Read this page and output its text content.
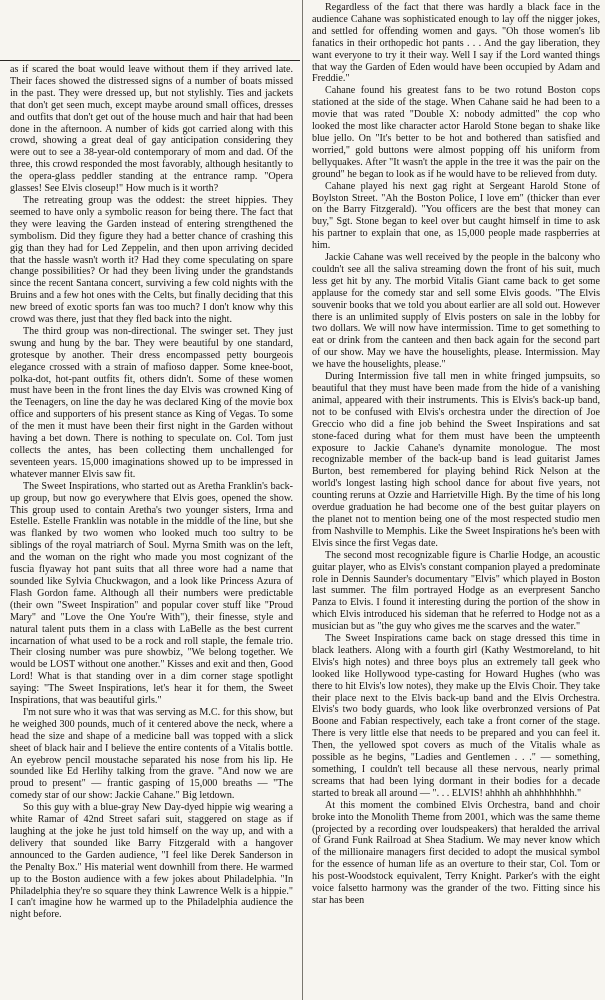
as if scared the boat would leave without them if they arrived late. Their faces showed the distressed signs of a number of boats missed in the past. They were dressed up, but not stylishly. Ties and jackets that don't get seen much, except maybe around small offices, dresses and outfits that don't get out of the house much and hair that had been done in the afternoon. A number of kids got carried along with this crowd, showing a great deal of gay anticipation considering they were out to see a 38-year-old contemporary of mom and dad. Of the three, this crowd responded the most favorably, although hesitantly to the opera-glass peddler standing at the entrance ramp. "Opera glasses! See Elvis closeup!" How much is it worth?

The retreating group was the oddest: the street hippies. They seemed to have only a symbolic reason for being there. The fact that they were leaving the Garden instead of entering strengthened the symbolism. Did they figure they had a better chance of crashing this gig than they had for Led Zeppelin, and then upon arriving decided that the hassle wasn't worth it? Had they come speculating on spare change possibilities? Or had they been living under the grandstands since the recent Santana concert, surviving a few cold nights with the Bruins and a few hot ones with the Celts, but finally deciding that this new breed of exotic sports fan was too much? I don't know why this crowd was there, just that they fled back into the night.

The third group was non-directional. The swinger set. They just swung and hung by the bar. They were beautiful by one standard, grotesque by another. Their dress encompassed petty bourgeois elegance crossed with a strain of mafioso dapper. Some knee-boot, polka-dot, hot-pant outfits fit, others didn't. Some of these women must have been in the front lines the day Elvis was crowned King of the Teenagers, on line the day he was declared King of the movie box office and supporters of his present stance as King of Vegas. To some of the men it must have been their first night in the Garden without having a bet down. There is nothing to speculate on. Col. Tom just collects the antes, has been collecting them unchallenged for seventeen years. 15,000 imaginations showed up to be impressed in whatever manner Elvis saw fit.

The Sweet Inspirations, who started out as Aretha Franklin's back-up group, but now go everywhere that Elvis goes, opened the show. This group used to contain Aretha's two younger sisters, Irma and Estelle. Estelle Franklin was notable in the middle of the line, but she was flanked by two women who looked much too sultry to be siblings of the royal matriarch of Soul. Myrna Smith was on the left, and the woman on the right who made you most cognizant of the fuscia flyaway hot pant suits that all three wore had a name that sounded like Sylvia Chuckwagon, and a look like Princess Azura of Flash Gordon fame. Although all their numbers were predictable (their own "Sweet Inspiration" and popular cover stuff like "Proud Mary" and "Love the One You're With"), their finesse, style and natural talent puts them in a class with LaBelle as the best current incarnation of what used to be a rock and roll staple, the female trio. Their closing number was pure showbiz, "We belong together. We would be LOST without one another." Kisses and exit and then, Good Lord! What is that standing over in a dim corner stage spotlight saying: "The Sweet Inspirations, let's hear it for them, the Sweet Inspirations, that was beautiful girls."

I'm not sure who it was that was serving as M.C. for this show, but he weighed 300 pounds, much of it centered above the neck, where a head the size and shape of a medicine ball was topped with a slick sheet of black hair and I believe the entire contents of a Vitalis bottle. An eyebrow pencil moustache separated his nose from his lip. He sounded like Ed Herlihy talking from the grave. "And now we are proud to present" — frantic gasping of 15,000 breaths — "The comedy star of our show: Jackie Cahane." Big letdown.

So this guy with a blue-gray New Day-dyed hippie wig wearing a white Ramar of 42nd Street safari suit, staggered on stage as if laughing at the joke he just told himself on the way up, and with a delivery that sounded like Barry Fitzgerald with a hangover announced to the Garden audience, "I feel like Derek Sanderson in the Penalty Box." His material went downhill from there. He warmed up to the Boston audience with a few jokes about Philadelphia. "In Philadelphia they're so square they think Lawrence Welk is a hippie." I can't imagine how he warmed up to the Philadelphia audience the night before.

Regardless of the fact that there was hardly a black face in the audience Cahane was sophisticated enough to lay off the nigger jokes, and settled for offending women and gays. "Oh those women's lib fanatics in their orthopedic hot pants . . . And the gay liberation, they want everyone to try it their way. Well I say if the Lord wanted things that way the Garden of Eden would have been occupied by Adam and Freddie."

Cahane found his greatest fans to be two rotund Boston cops stationed at the side of the stage. When Cahane said he had been to a movie that was rated "Double X: nobody admitted" the cop who looked the most like character actor Harold Stone began to shake like blue jello. On "It's better to be hot and bothered than satisfied and worried," gold buttons were almost popping off his uniform from bellyquakes. After "It wasn't the apple in the tree it was the pair on the ground" he began to look as if he would have to be relieved from duty.

Cahane played his next gag right at Sergeant Harold Stone of Boylston Street. "Ah the Boston Police, I love em" (thicker than ever on the Barry Fitzgerald). "You officers are the best that money can buy," Sgt. Stone began to keel over but caught himself in time to ask his partner to explain that one, as 15,000 people made raspberries at him.

Jackie Cahane was well received by the people in the balcony who couldn't see all the saliva streaming down the front of his suit, much less get hit by any. The morbid Vitalis Giant came back to get some applause for the comedy star and sell some Elvis goods. "The Elvis souvenir books that we told you about earlier are all sold out. However there is an unlimited supply of Elvis posters on sale in the lobby for two dollars. We will now have intermission. Time to get something to eat or drink from the canteen and then back again for the second part of our show. May we have the houselights, please. Intermission. May we have the houselights, please."

During Intermission five tall men in white fringed jumpsuits, so beautiful that they must have been made from the hide of a vanishing animal, appeared with their instruments. This is Elvis's back-up band, not to be confused with Elvis's orchestra under the direction of Joe Greccio who did a fine job behind the Sweet Inspirations and sat stone-faced during what for them must have been the umpteenth exposure to Jackie Cahane's dynamite monologue. The most recognizable member of the back-up band is lead guitarist James Burton, best remembered for playing behind Rick Nelson at the world's longest lasting high school dance for about five years, not counting reruns at Ozzie and Harrietville High. By the time of his long overdue graduation he had become one of the best guitar players on the planet not to mention being one of the most respected studio men from Nashville to Memphis. Like the Sweet Inspirations he's been with Elvis since the first Vegas date.

The second most recognizable figure is Charlie Hodge, an acoustic guitar player, who as Elvis's constant companion played a predominate role in Dennis Saunder's documentary "Elvis" which played in Boston last summer. The film portrayed Hodge as an everpresent Sancho Panza to Elvis. I found it interesting during the portion of the show in which Elvis introduced his sideman that he referred to Hodge not as a musician but as "the guy who gives me the scarves and the water."

The Sweet Inspirations came back on stage dressed this time in black leathers. Along with a fourth girl (Kathy Westmoreland, to hit Elvis's high notes) and three boys plus an extremely tall geek who looked like Hollywood type-casting for Howard Hughes (who was there to hit Elvis's low notes), they make up the Elvis Choir. They take their place next to the Elvis back-up band and the Elvis Orchestra. Elvis's two body guards, who look like overbronzed versions of Pat Boone and Fabian respectively, each take a front corner of the stage. There is very little else that needs to be prepared and you can feel it. Then, the yellowed spot covers as much of the Vitalis whale as possible as he begins, "Ladies and Gentlemen . . ." — something, something, I couldn't tell because all these nervous, nearly primal screams that had been lying dormant in their bodies for a decade started to break all around — ". . . ELVIS! ahhhh ah ahhhhhhhhh."

At this moment the combined Elvis Orchestra, band and choir broke into the Monolith Theme from 2001, which was the same theme (projected by a recording over loudspeakers) that heralded the arrival of Grand Funk Railroad at Shea Stadium. We may never know which of the millionaire managers first decided to adopt the musical symbol for the essence of human life as an overture to their star, Col. Tom or his post-Woodstock equivalent, Terry Knight. Parker's with the eight voice falsetto harmony was the grander of the two. Fitting since his star has been
